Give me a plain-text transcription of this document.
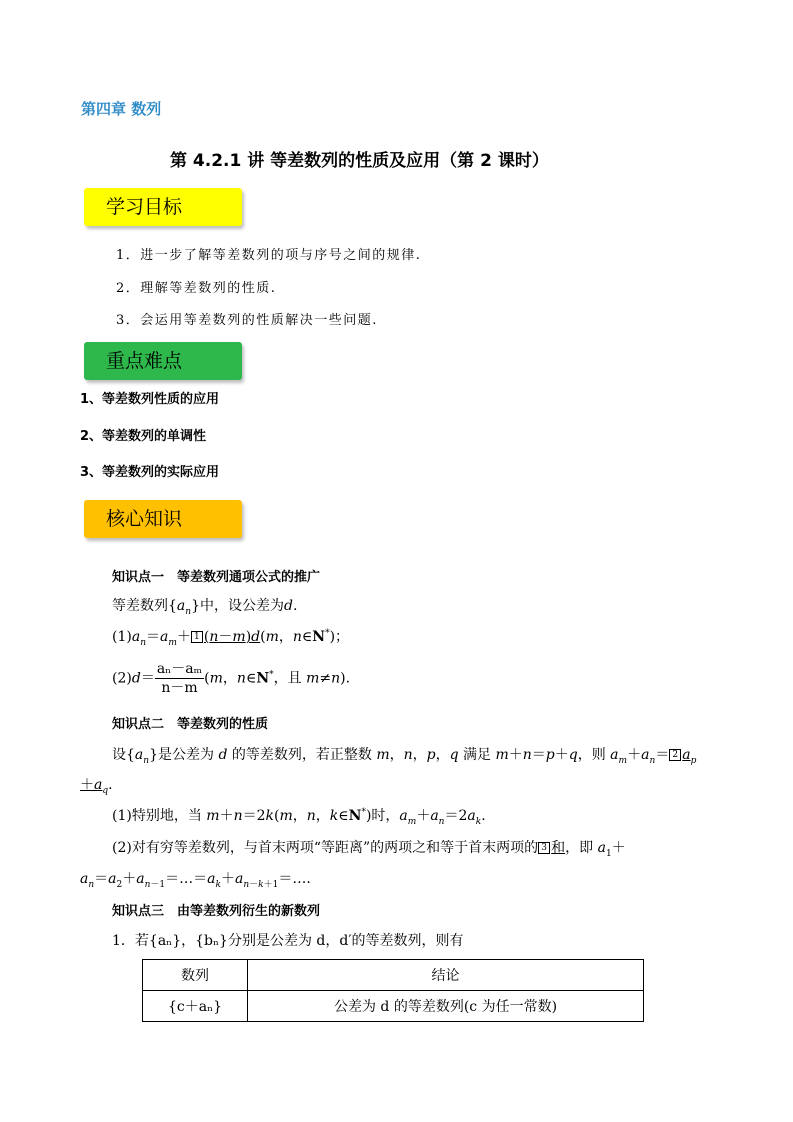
第四章 数列
第 4.2.1 讲 等差数列的性质及应用（第 2 课时）
学习目标
1．进一步了解等差数列的项与序号之间的规律.
2．理解等差数列的性质.
3．会运用等差数列的性质解决一些问题.
重点难点
1、等差数列性质的应用
2、等差数列的单调性
3、等差数列的实际应用
核心知识
知识点一　等差数列通项公式的推广
等差数列$\{a_n\}$中，设公差为d.
$(1)a_n=a_m+ 1$ (n－m)d(m，n∈N*)；
$(2)d= \frac{\text{aₙ－aₘ}}{n-m} (m$，n∈N*，且 m≠n).
知识点二　等差数列的性质
设$\{a_n\}$是公差为 d 的等差数列，若正整数 m，n，p，q 满足 m＋n＝p＋q，则 $a_m+a_n= 2$ $a_p$
$+a_q$.
(1)特别地，当 m＋n＝2k(m，n，k∈N*)时，$a_m+a_n=2a_k$.
(2)对有穷等差数列，与首末两项“等距离”的两项之和等于首末两项的 3 和，即 $a_1+$
$a_n=a_2+a_{n-1}=\dots=a_k+a_{n-k+1}=\dots$.
知识点三　由等差数列衍生的新数列
1．若{aₙ}，{bₙ}分别是公差为 d，d′的等差数列，则有
数列	结论
{c＋aₙ}	公差为 d 的等差数列(c 为任一常数)
